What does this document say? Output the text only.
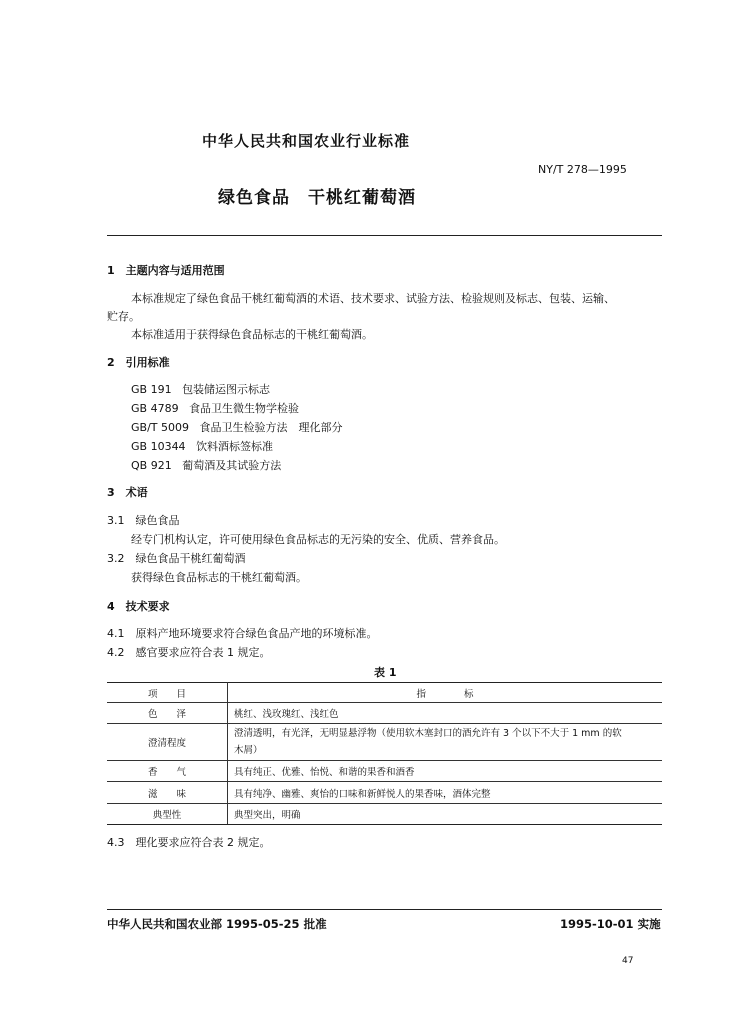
中华人民共和国农业行业标准
NY/T 278—1995
绿色食品　干桃红葡萄酒
1　主题内容与适用范围
本标准规定了绿色食品干桃红葡萄酒的术语、技术要求、试验方法、检验规则及标志、包装、运输、
贮存。
本标准适用于获得绿色食品标志的干桃红葡萄酒。
2　引用标准
GB 191 包装储运图示标志
GB 4789 食品卫生微生物学检验
GB/T 5009 食品卫生检验方法　理化部分
GB 10344 饮料酒标签标准
QB 921 葡萄酒及其试验方法
3　术语
3.1　绿色食品
经专门机构认定，许可使用绿色食品标志的无污染的安全、优质、营养食品。
3.2　绿色食品干桃红葡萄酒
获得绿色食品标志的干桃红葡萄酒。
4　技术要求
4.1　原料产地环境要求符合绿色食品产地的环境标准。
4.2　感官要求应符合表 1 规定。
表 1
项　　目	指　　　　标
色　　泽	桃红、浅玫瑰红、浅红色
澄清程度	澄清透明，有光泽，无明显悬浮物（使用软木塞封口的酒允许有 3 个以下不大于 1 mm 的软
木屑）

香　　气	具有纯正、优雅、怡悦、和谐的果香和酒香
滋　　味	具有纯净、幽雅、爽怡的口味和新鲜悦人的果香味，酒体完整
典型性	典型突出，明确
4.3　理化要求应符合表 2 规定。
中华人民共和国农业部 1995-05-25 批准	1995-10-01 实施
47
